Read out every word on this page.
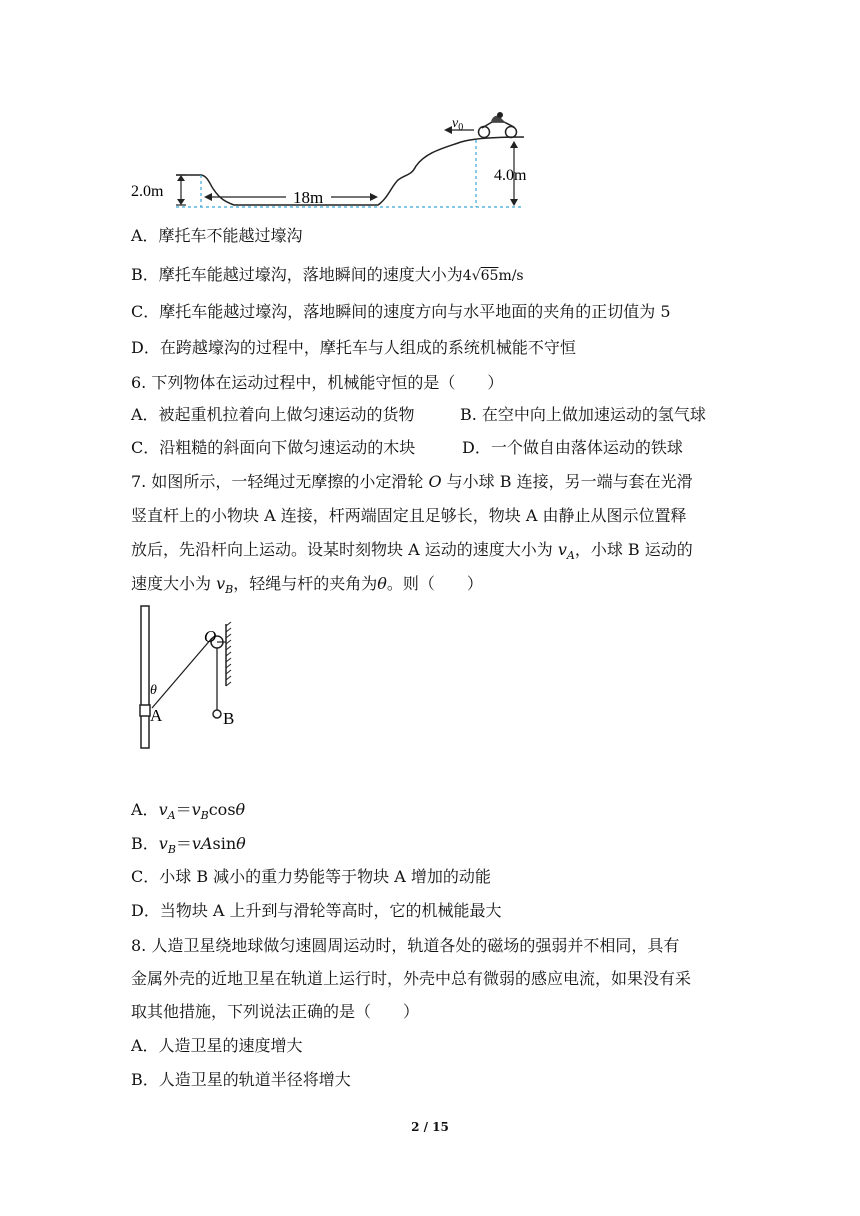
2.0m	18m
4.0m
$v_0$
A．摩托车不能越过壕沟
B．摩托车能越过壕沟，落地瞬间的速度大小为4√65m/s
C．摩托车能越过壕沟，落地瞬间的速度方向与水平地面的夹角的正切值为 5
D．在跨越壕沟的过程中，摩托车与人组成的系统机械能不守恒
6. 下列物体在运动过程中，机械能守恒的是（　　）
A．被起重机拉着向上做匀速运动的货物	B. 在空中向上做加速运动的氢气球
C．沿粗糙的斜面向下做匀速运动的木块	D．一个做自由落体运动的铁球
7. 如图所示，一轻绳过无摩擦的小定滑轮 O 与小球 B 连接，另一端与套在光滑
竖直杆上的小物块 A 连接，杆两端固定且足够长，物块 A 由静止从图示位置释
放后，先沿杆向上运动。设某时刻物块 A 运动的速度大小为 $v_A$，小球 B 运动的
速度大小为 $v_B$，轻绳与杆的夹角为θ。则（　　）
O
θ
A	B
A．$v_A=v_B\cos\theta$
B．$v_B=vAsin\theta$
C．小球 B 减小的重力势能等于物块 A 增加的动能
D．当物块 A 上升到与滑轮等高时，它的机械能最大
8. 人造卫星绕地球做匀速圆周运动时，轨道各处的磁场的强弱并不相同，具有
金属外壳的近地卫星在轨道上运行时，外壳中总有微弱的感应电流，如果没有采
取其他措施，下列说法正确的是（　　）
A．人造卫星的速度增大
B．人造卫星的轨道半径将增大
2 / 15
